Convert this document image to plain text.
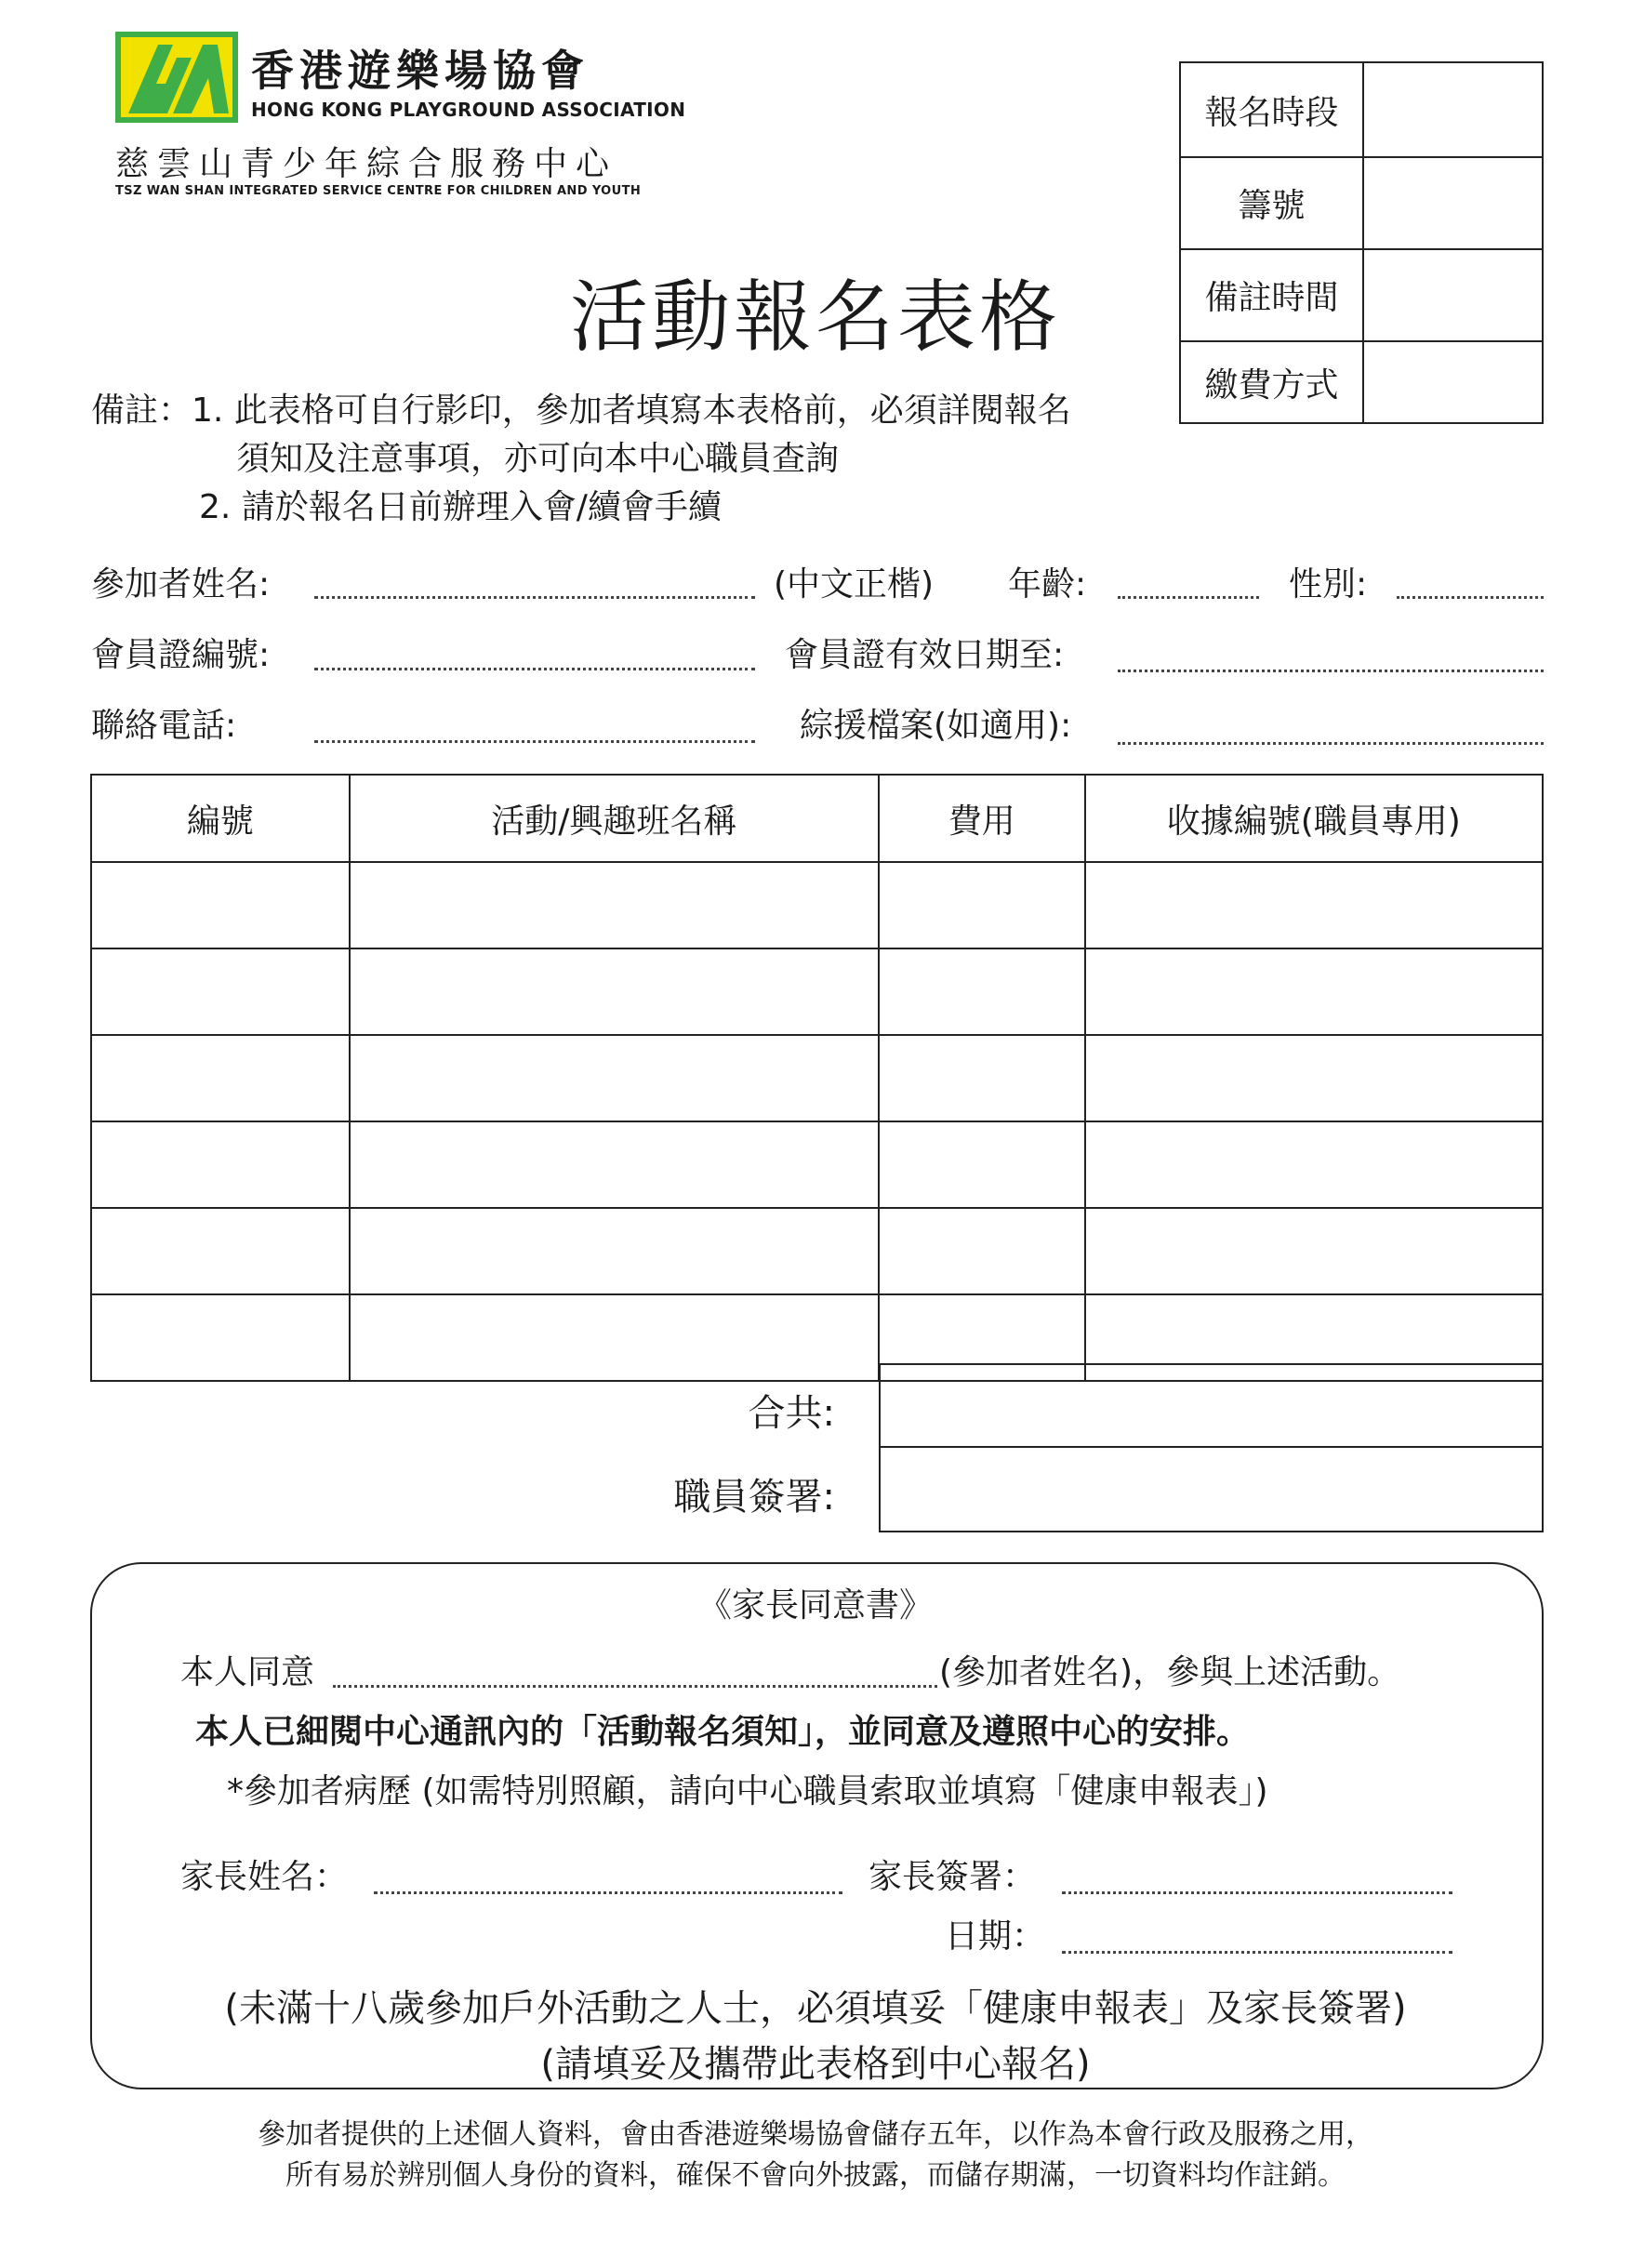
HK
香港遊樂場協會
HONG KONG PLAYGROUND ASSOCIATION
慈雲山青少年綜合服務中心
TSZ WAN SHAN INTEGRATED SERVICE CENTRE FOR CHILDREN AND YOUTH
報名時段
籌號
備註時間
繳費方式
活動報名表格
備註：1. 此表格可自行影印，參加者填寫本表格前，必須詳閱報名
須知及注意事項，亦可向本中心職員查詢
2. 請於報名日前辦理入會/續會手續
參加者姓名:	(中文正楷) 年齡:	性別:
會員證編號:	會員證有效日期至:
聯絡電話:	綜援檔案(如適用):
編號	活動/興趣班名稱	費用	收據編號(職員專用)

合共:
職員簽署:
《家長同意書》
本人同意	(參加者姓名)，參與上述活動。
本人已細閱中心通訊內的「活動報名須知」，並同意及遵照中心的安排。
*參加者病歷 (如需特別照顧，請向中心職員索取並填寫「健康申報表」)
家長姓名：	家長簽署：
日期：
(未滿十八歲參加戶外活動之人士，必須填妥「健康申報表」及家長簽署)
(請填妥及攜帶此表格到中心報名)
參加者提供的上述個人資料，會由香港遊樂場協會儲存五年，以作為本會行政及服務之用，
所有易於辨別個人身份的資料，確保不會向外披露，而儲存期滿，一切資料均作註銷。
